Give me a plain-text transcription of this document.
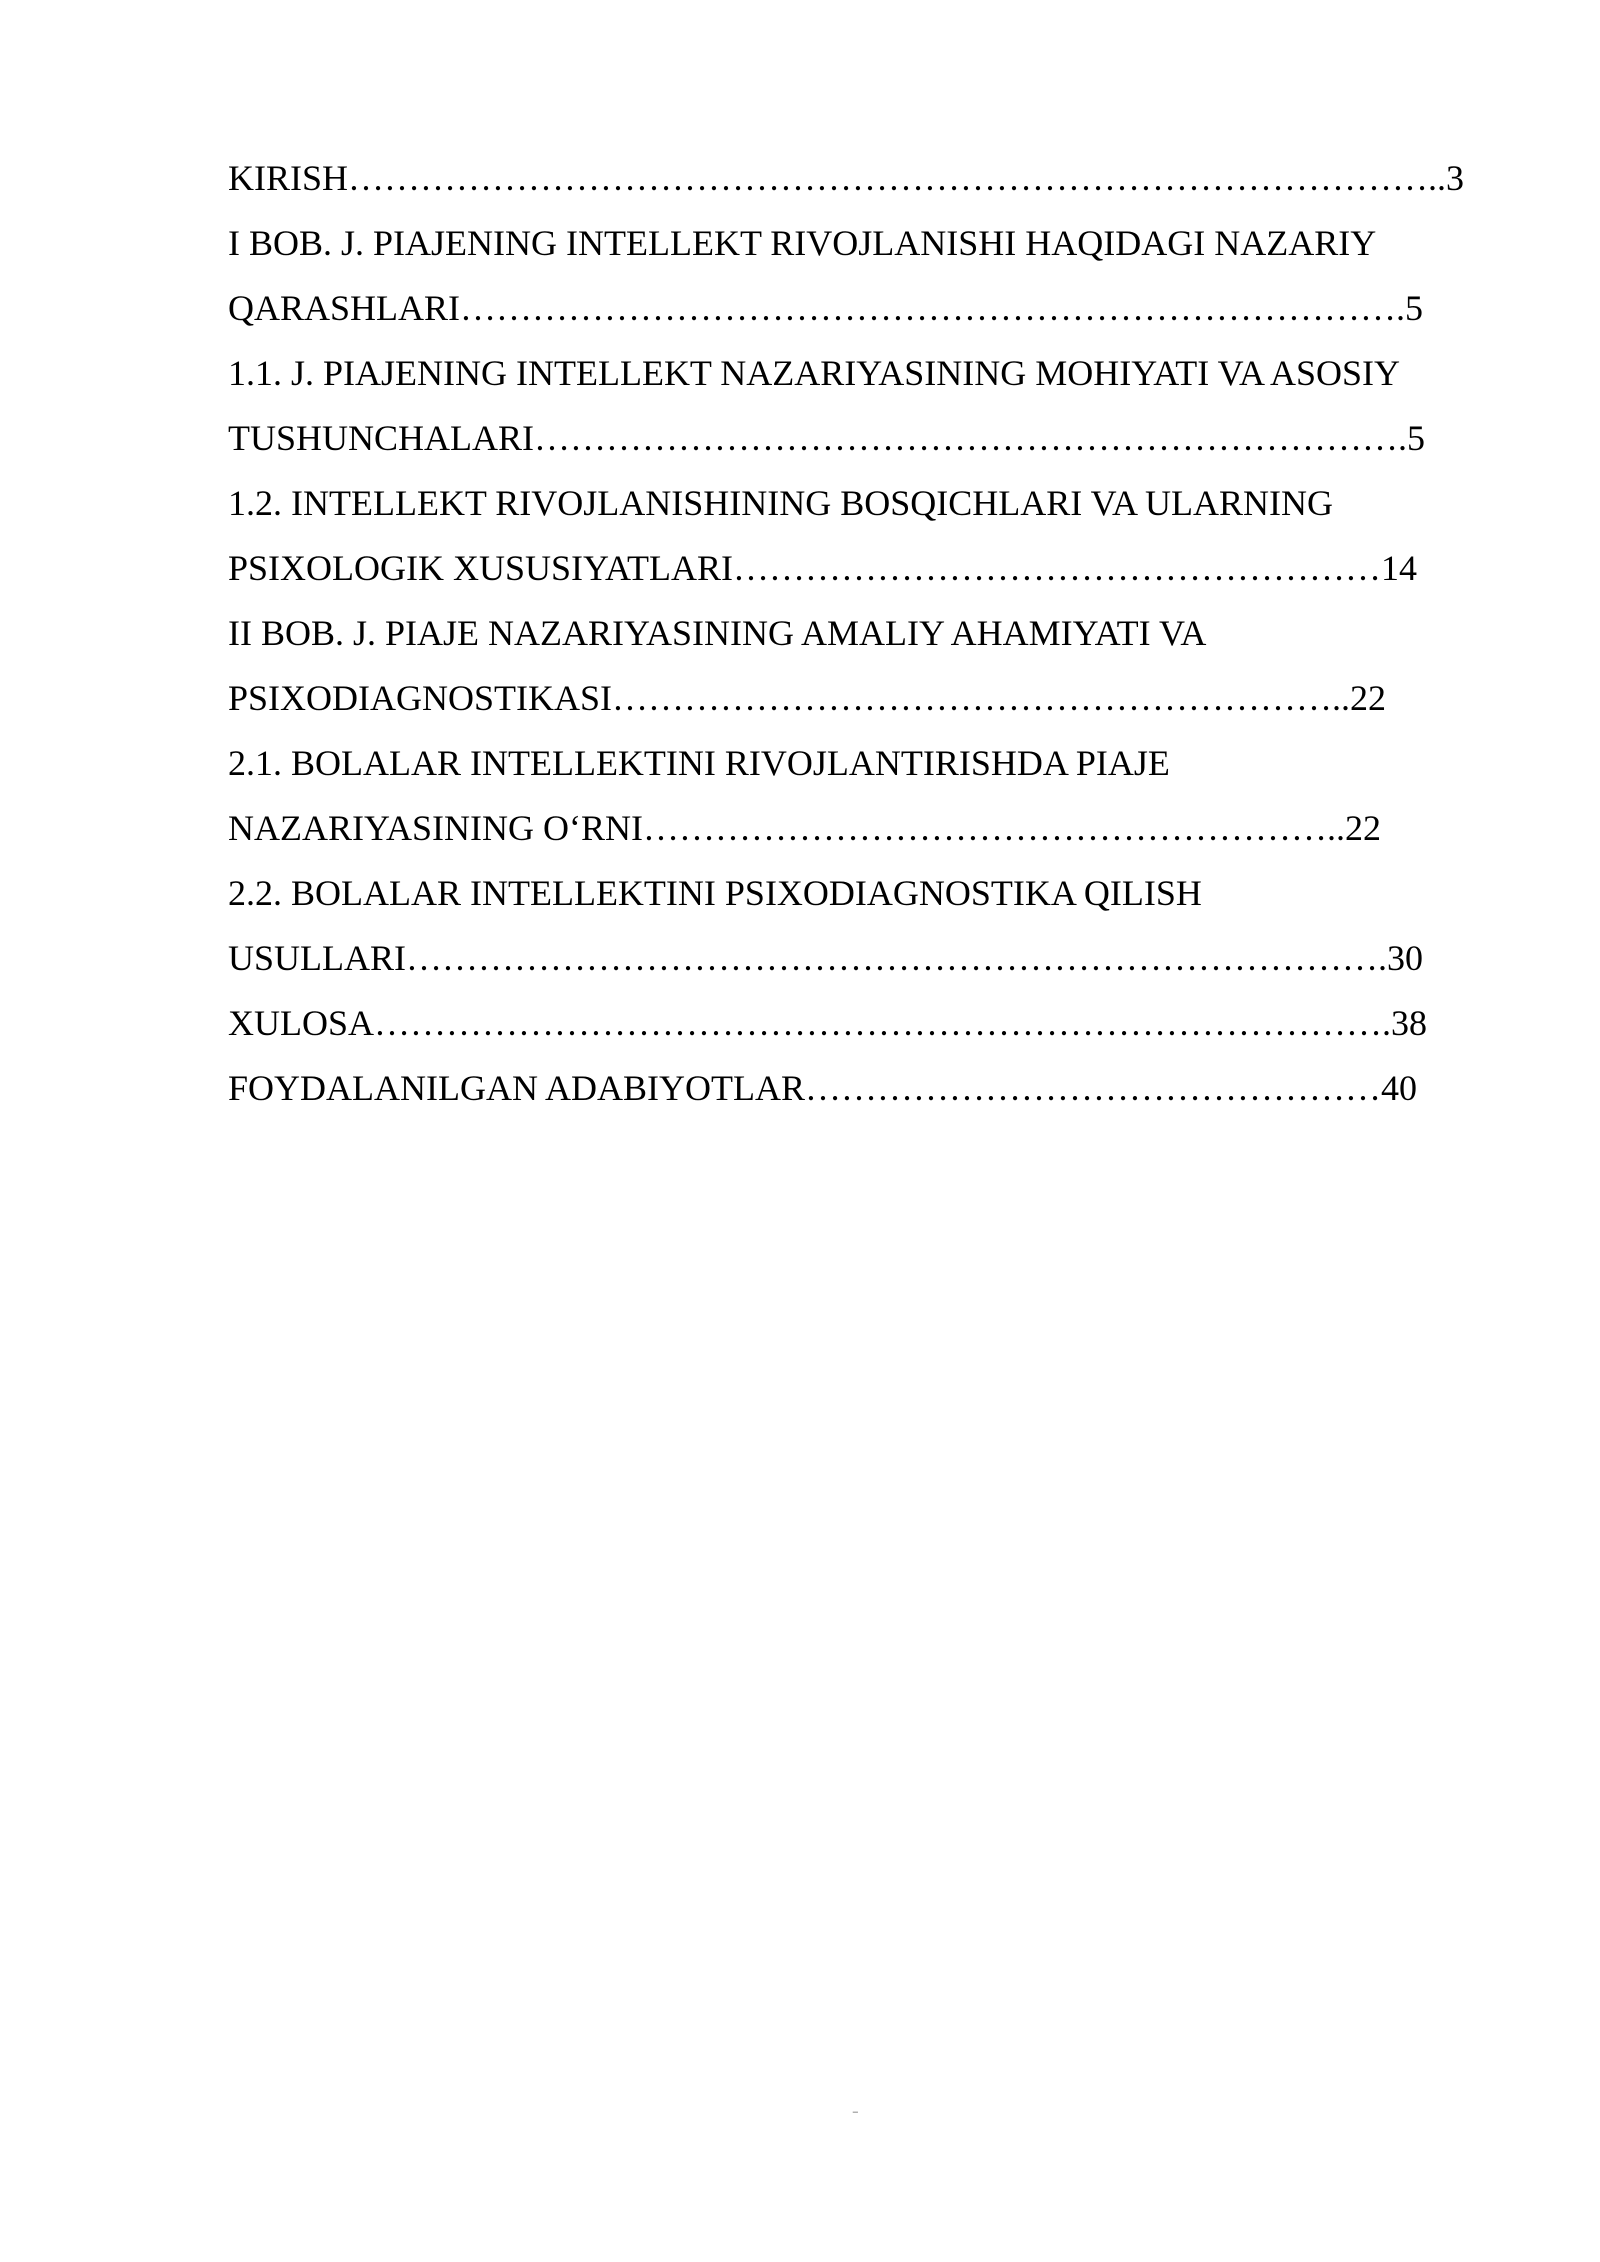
KIRISH………………………………………………………………………………..3
I BOB. J. PIAJENING INTELLEKT RIVOJLANISHI HAQIDAGI NAZARIY
QARASHLARI…………………………………………………………………….5
1.1. J. PIAJENING INTELLEKT NAZARIYASINING MOHIYATI VA ASOSIY
TUSHUNCHALARI……………………………………………………………….5
1.2. INTELLEKT RIVOJLANISHINING BOSQICHLARI VA ULARNING
PSIXOLOGIK XUSUSIYATLARI………………………………………………14
II BOB. J. PIAJE NAZARIYASINING AMALIY AHAMIYATI VA
PSIXODIAGNOSTIKASI……………………………………………………..22
2.1. BOLALAR INTELLEKTINI RIVOJLANTIRISHDA PIAJE
NAZARIYASINING O‘RNI…………………………………………………..22
2.2. BOLALAR INTELLEKTINI PSIXODIAGNOSTIKA QILISH
USULLARI……………………………………………………………………….30
XULOSA………………………………………………………………………….38
FOYDALANILGAN ADABIYOTLAR…………………………………………40
-
